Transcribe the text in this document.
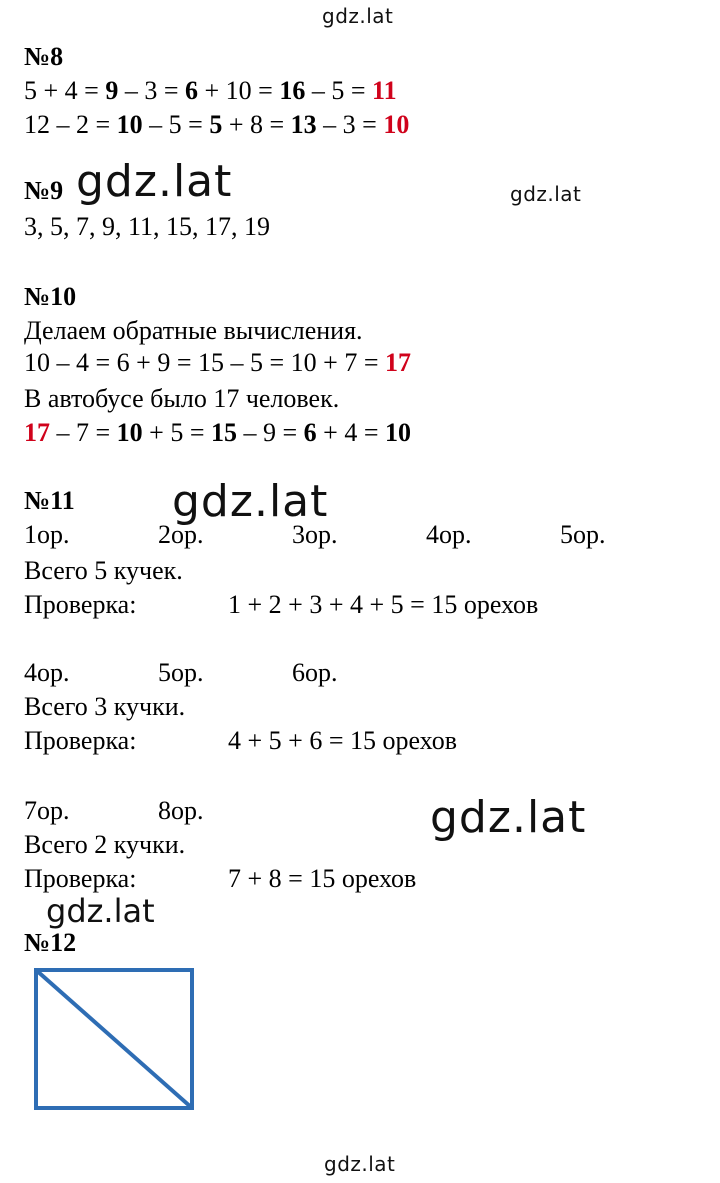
gdz.lat
gdz.lat	gdz.lat
gdz.lat
gdz.lat
gdz.lat
gdz.lat
№8
5 + 4 = 9 – 3 = 6 + 10 = 16 – 5 = 11
12 – 2 = 10 – 5 = 5 + 8 = 13 – 3 = 10
№9
3, 5, 7, 9, 11, 15, 17, 19
№10
Делаем обратные вычисления.
10 – 4 = 6 + 9 = 15 – 5 = 10 + 7 = 17
В автобусе было 17 человек.
17 – 7 = 10 + 5 = 15 – 9 = 6 + 4 = 10
№11
1ор.	2ор.	3ор.	4ор.	5ор.
Всего 5 кучек.
Проверка:	1 + 2 + 3 + 4 + 5 = 15 орехов
4ор.	5ор.	6ор.
Всего 3 кучки.
Проверка:	4 + 5 + 6 = 15 орехов
7ор.	8ор.
Всего 2 кучки.
Проверка:	7 + 8 = 15 орехов
№12
